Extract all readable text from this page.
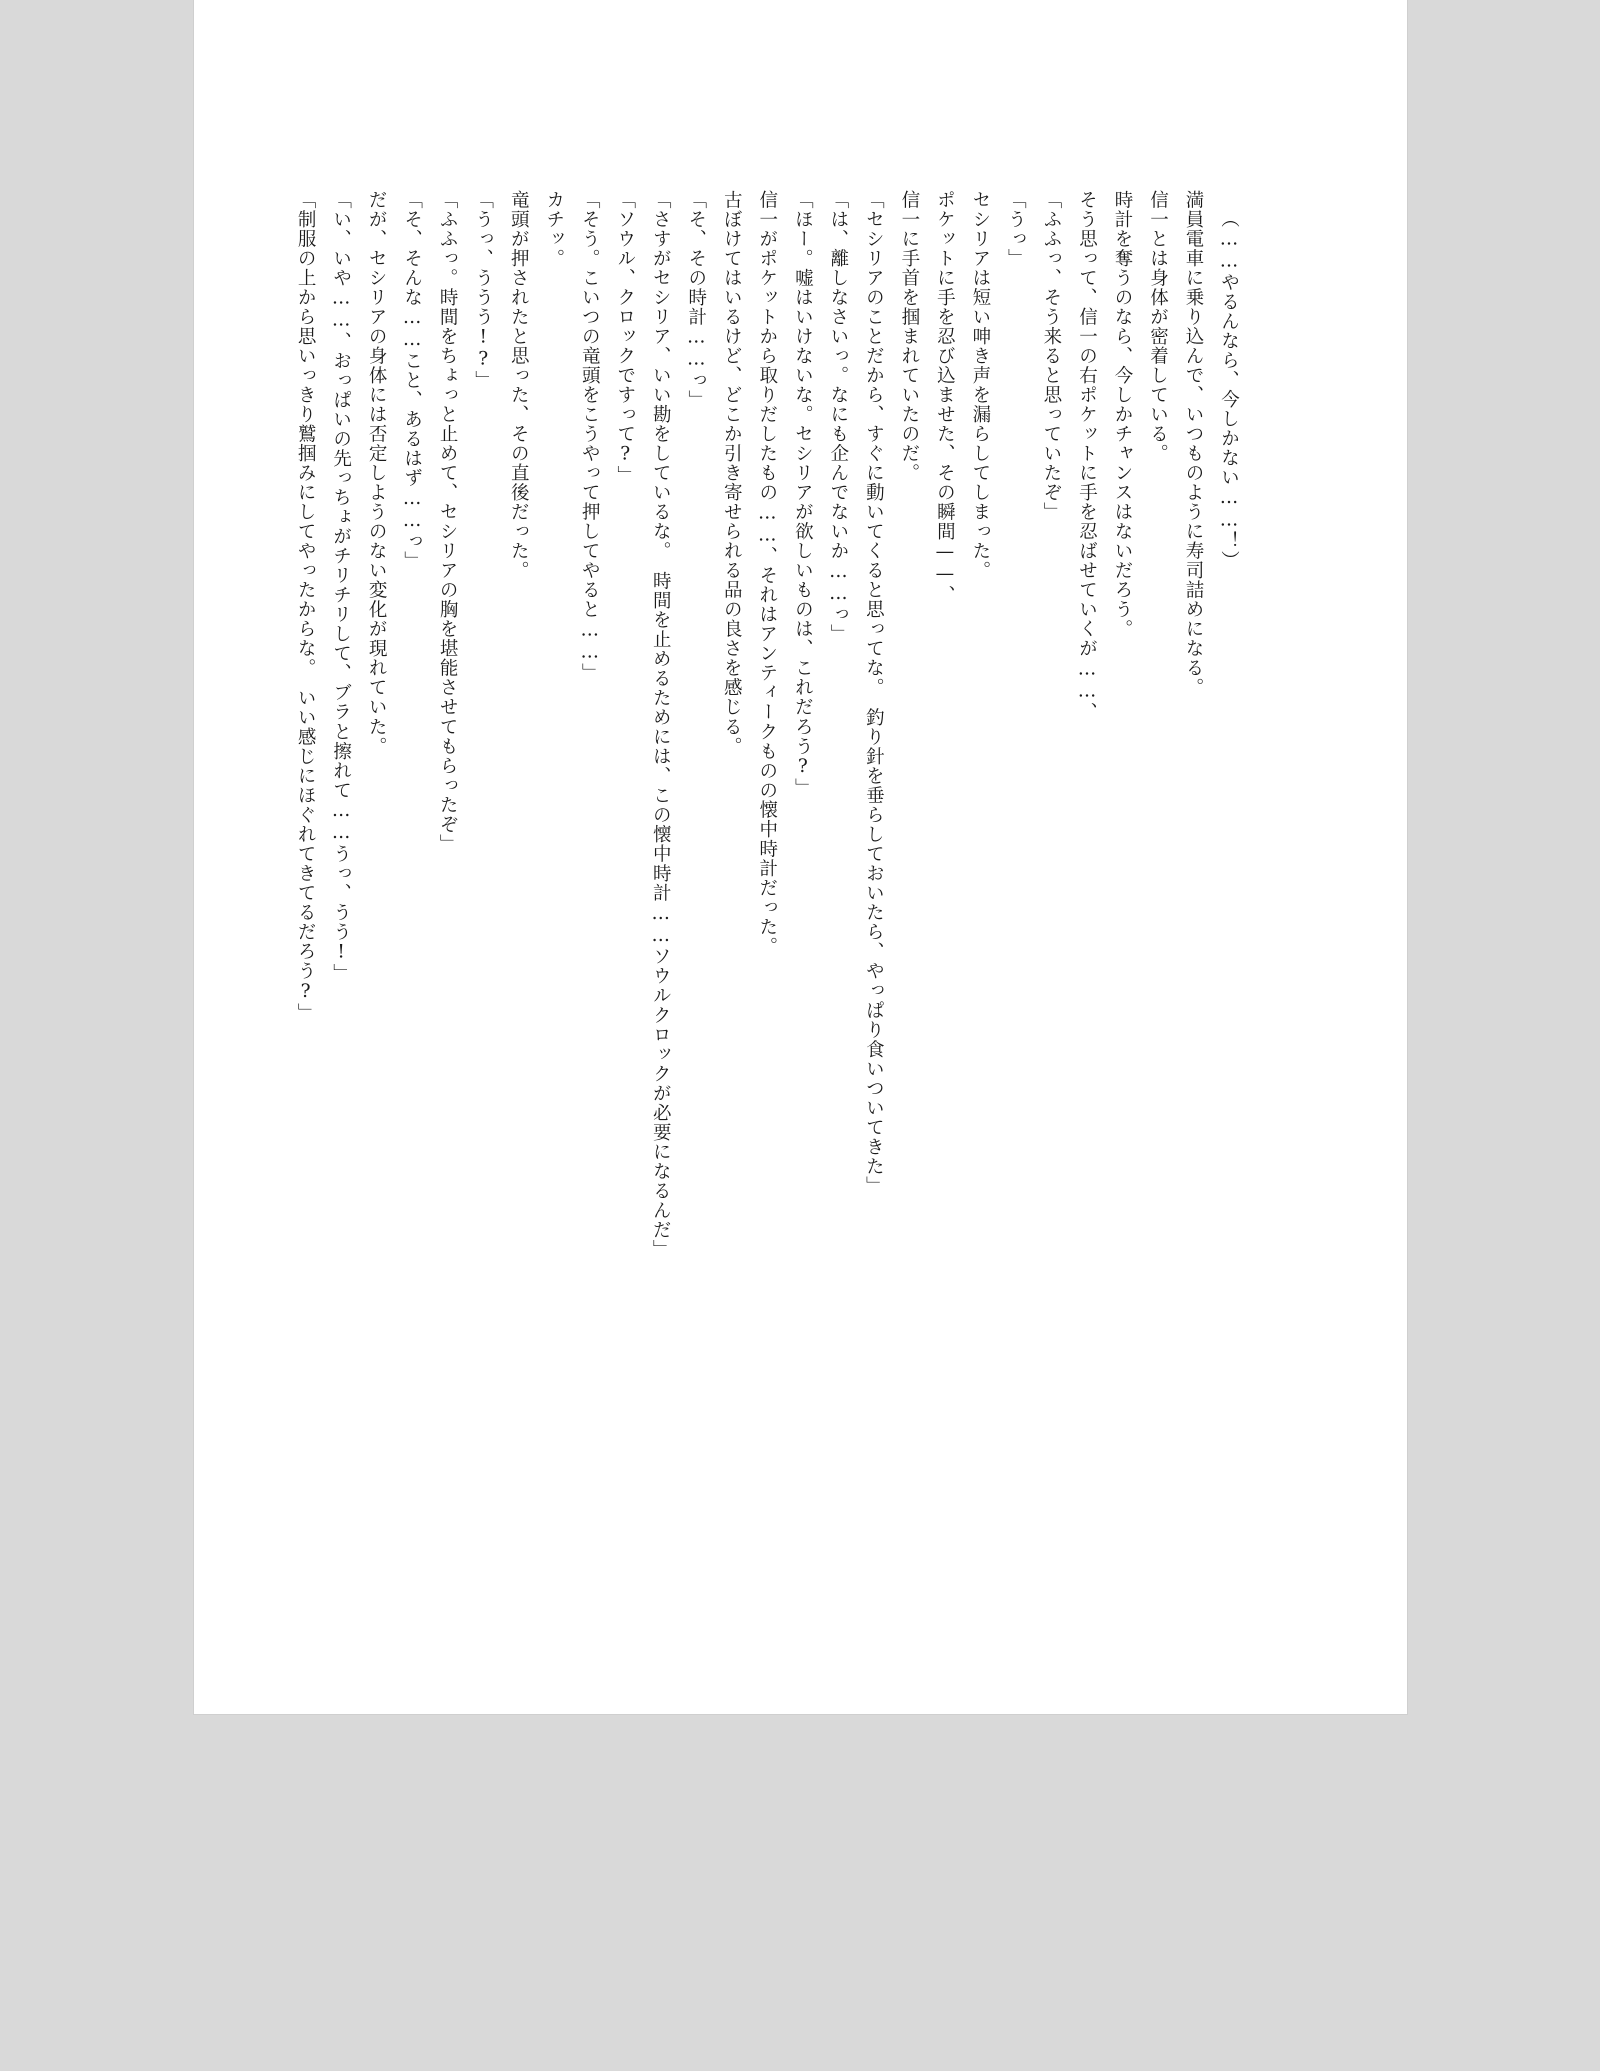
（……やるんなら、今しかない……！）

満員電車に乗り込んで、いつものように寿司詰めになる。

信一とは身体が密着している。

時計を奪うのなら、今しかチャンスはないだろう。

そう思って、信一の右ポケットに手を忍ばせていくが……、

「ふふっ、そう来ると思っていたぞ」

「うっ」

セシリアは短い呻き声を漏らしてしまった。

ポケットに手を忍び込ませた、その瞬間——、

信一に手首を掴まれていたのだ。

「セシリアのことだから、すぐに動いてくると思ってな。　釣り針を垂らしておいたら、やっぱり食いついてきた」

「は、離しなさいっ。なにも企んでないか……っ」

「ほー。嘘はいけないな。セシリアが欲しいものは、これだろう?」

信一がポケットから取りだしたもの……、それはアンティークものの懐中時計だった。

古ぼけてはいるけど、どこか引き寄せられる品の良さを感じる。

「そ、その時計……っ」

「さすがセシリア、いい勘をしているな。　時間を止めるためには、この懐中時計……ソウルクロックが必要になるんだ」

「ソウル、クロックですって?」

「そう。こいつの竜頭をこうやって押してやると……」

カチッ。

竜頭が押されたと思った、その直後だった。

「うっ、ううう!?」

「ふふっ。時間をちょっと止めて、セシリアの胸を堪能させてもらったぞ」

「そ、そんな……こと、あるはず……っ」

だが、セシリアの身体には否定しようのない変化が現れていた。

「い、いや……、おっぱいの先っちょがチリチリして、ブラと擦れて……うっ、うう!」

「制服の上から思いっきり鷲掴みにしてやったからな。　いい感じにほぐれてきてるだろう?」
